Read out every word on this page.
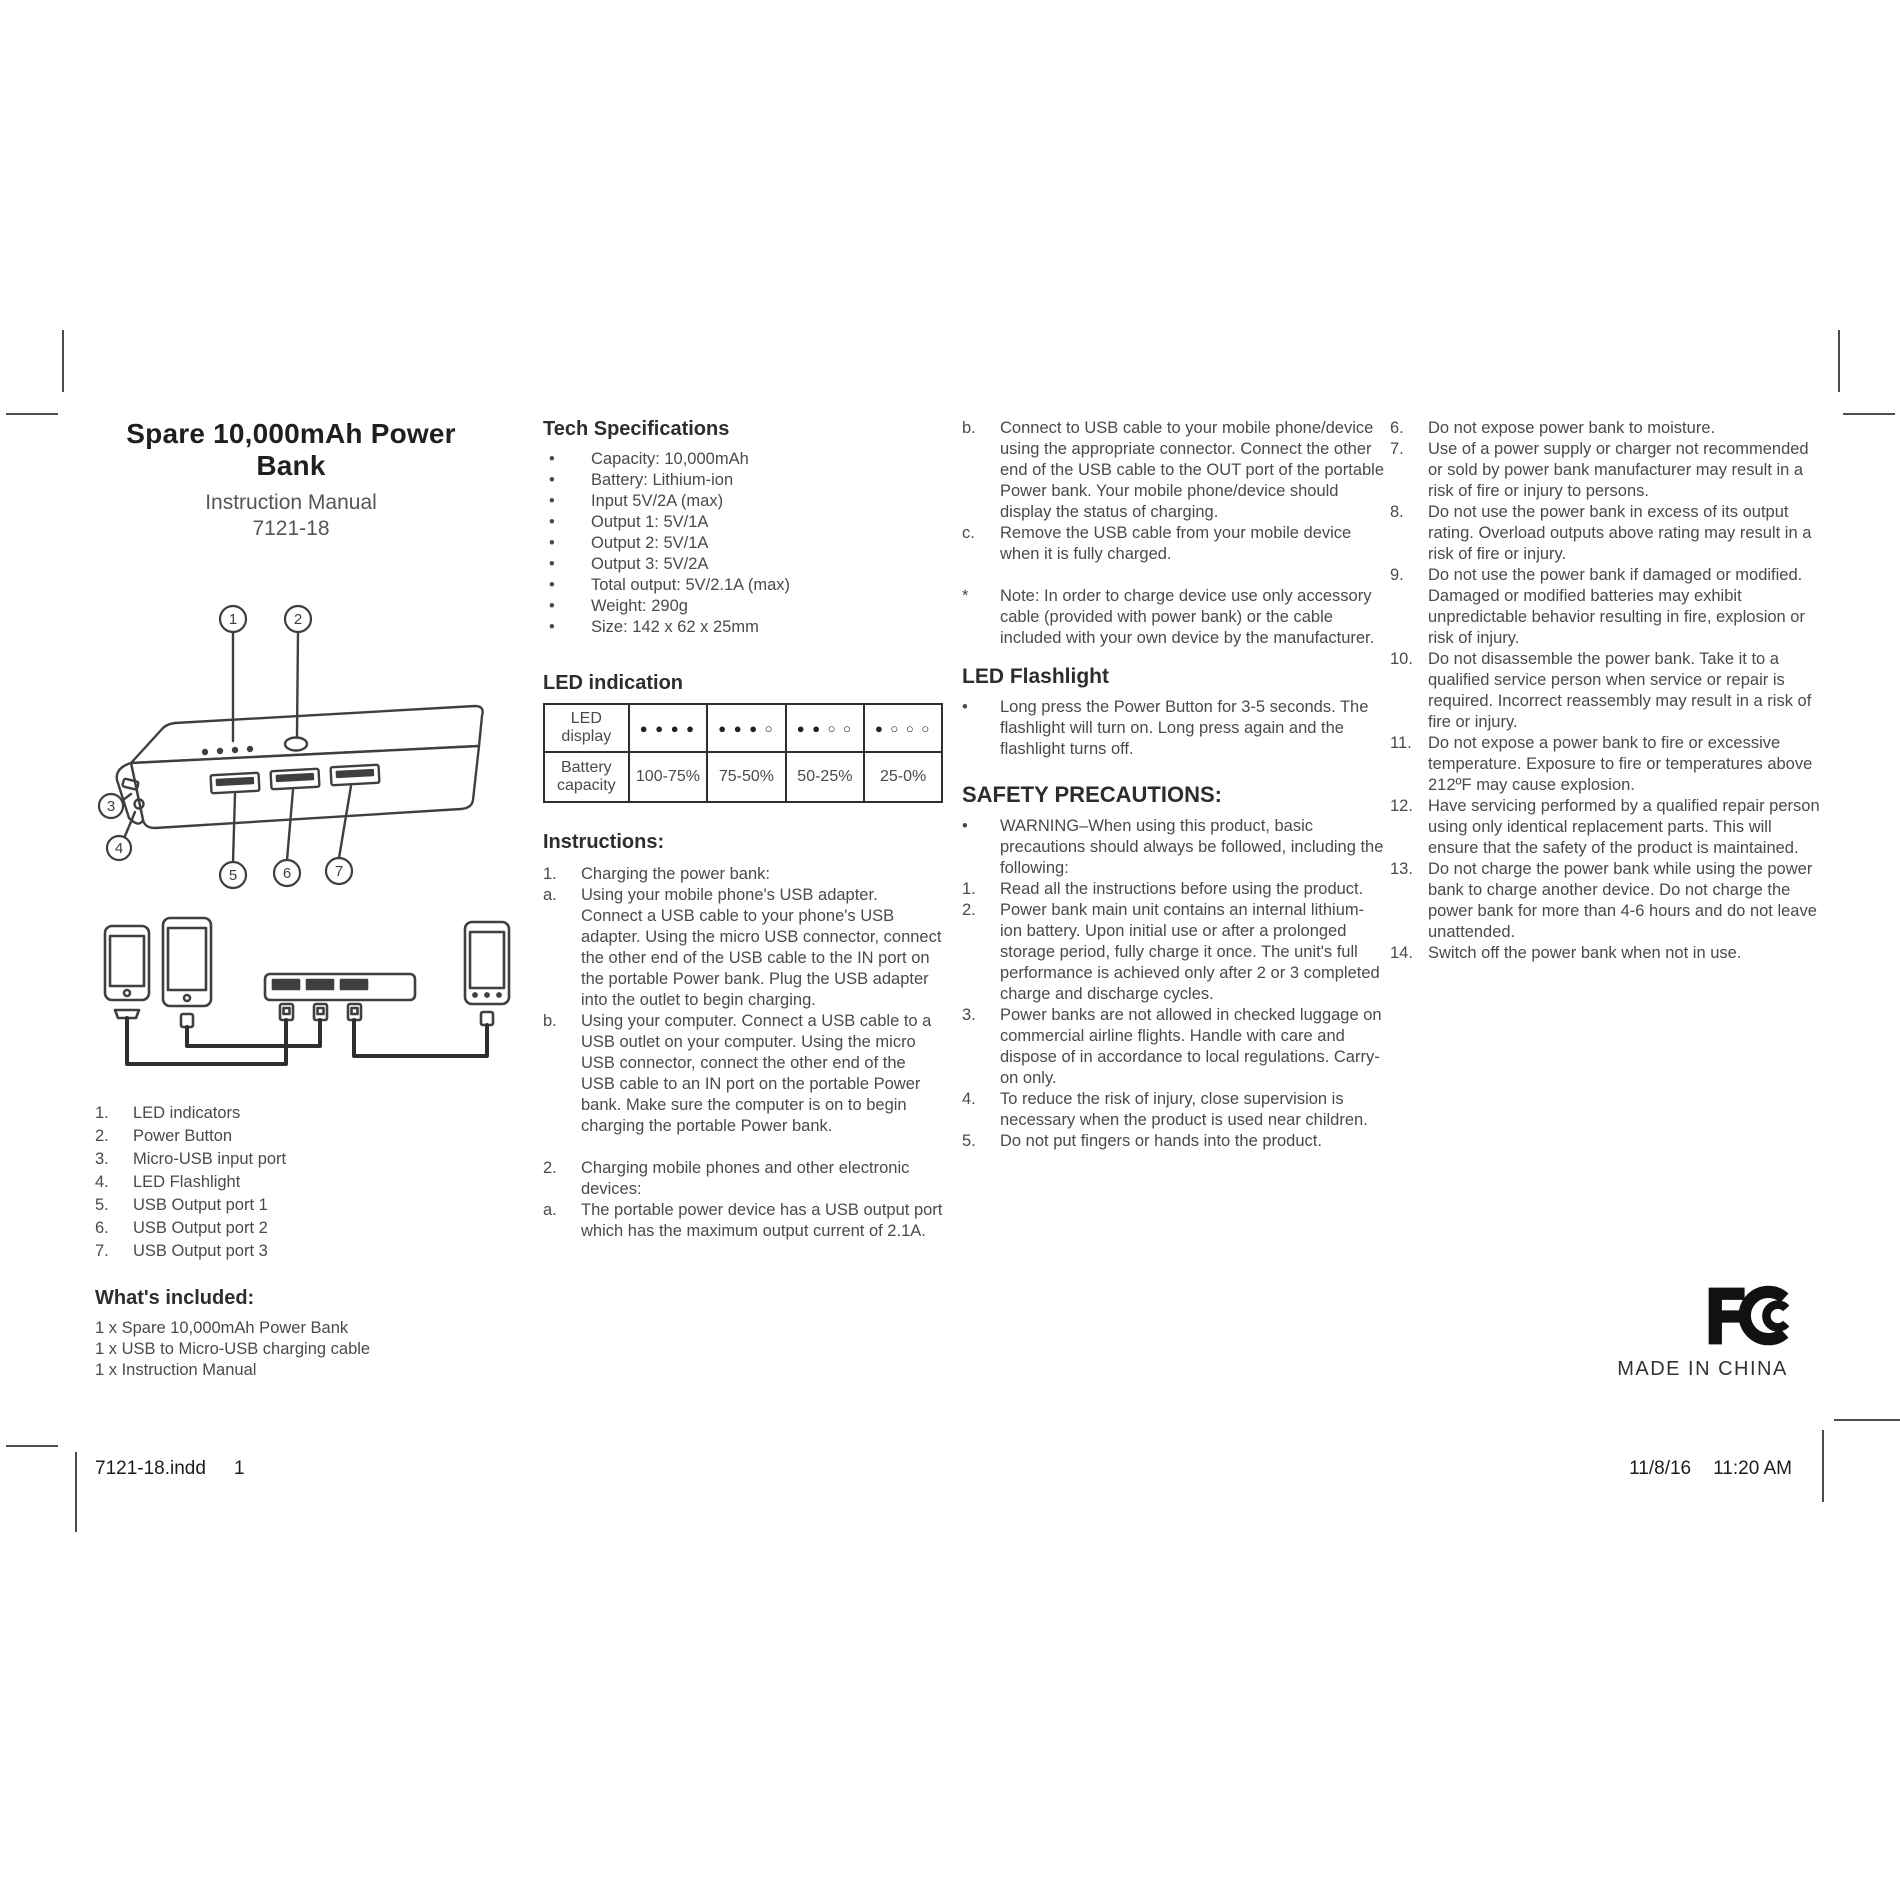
Spare 10,000mAh Power Bank
Instruction Manual
7121-18
1	2
3
4
5	6	7
1.	LED indicators
2.	Power Button
3.	Micro-USB input port
4.	LED Flashlight
5.	USB Output port 1
6.	USB Output port 2
7.	USB Output port 3
What's included:
1 x Spare 10,000mAh Power Bank
1 x USB to Micro-USB charging cable
1 x Instruction Manual
Tech Specifications
•	Capacity: 10,000mAh
•	Battery: Lithium-ion
•	Input 5V/2A (max)
•	Output 1: 5V/1A
•	Output 2: 5V/1A
•	Output 3: 5V/2A
•	Total output: 5V/2.1A (max)
•	Weight: 290g
•	Size: 142 x 62 x 25mm
LED indication
LED display	● ● ● ●	● ● ● ○	● ● ○ ○	● ○ ○ ○
Battery capacity	100-75%	75-50%	50-25%	25-0%
Instructions:
1.	Charging the power bank:
a.	Using your mobile phone's USB adapter. Connect a USB cable to your phone's USB adapter. Using the micro USB connector, connect the other end of the USB cable to the IN port on the portable Power bank. Plug the USB adapter into the outlet to begin charging.
b.	Using your computer. Connect a USB cable to a USB outlet on your computer. Using the micro USB connector, connect the other end of the USB cable to an IN port on the portable Power bank. Make sure the computer is on to begin charging the portable Power bank.
2.	Charging mobile phones and other electronic devices:
a.	The portable power device has a USB output port which has the maximum output current of 2.1A.
b.	Connect to USB cable to your mobile phone/device using the appropriate connector. Connect the other end of the USB cable to the OUT port of the portable Power bank. Your mobile phone/device should display the status of charging.
c.	Remove the USB cable from your mobile device when it is fully charged.
*	Note: In order to charge device use only accessory cable (provided with power bank) or the cable included with your own device by the manufacturer.
LED Flashlight
•	Long press the Power Button for 3-5 seconds. The flashlight will turn on. Long press again and the flashlight turns off.
SAFETY PRECAUTIONS:
•	WARNING–When using this product, basic precautions should always be followed, including the following:
1.	Read all the instructions before using the product.
2.	Power bank main unit contains an internal lithium-ion battery. Upon initial use or after a prolonged storage period, fully charge it once. The unit's full performance is achieved only after 2 or 3 completed charge and discharge cycles.
3.	Power banks are not allowed in checked luggage on commercial airline flights. Handle with care and dispose of in accordance to local regulations. Carry-on only.
4.	To reduce the risk of injury, close supervision is necessary when the product is used near children.
5.	Do not put fingers or hands into the product.
6.	Do not expose power bank to moisture.
7.	Use of a power supply or charger not recommended or sold by power bank manufacturer may result in a risk of fire or injury to persons.
8.	Do not use the power bank in excess of its output rating. Overload outputs above rating may result in a risk of fire or injury.
9.	Do not use the power bank if damaged or modified. Damaged or modified batteries may exhibit unpredictable behavior resulting in fire, explosion or risk of injury.
10. Do not disassemble the power bank. Take it to a qualified service person when service or repair is required. Incorrect reassembly may result in a risk of fire or injury.
11. Do not expose a power bank to fire or excessive temperature. Exposure to fire or temperatures above 212ºF may cause explosion.
12. Have servicing performed by a qualified repair person using only identical replacement parts. This will ensure that the safety of the product is maintained.
13. Do not charge the power bank while using the power bank to charge another device. Do not charge the power bank for more than 4-6 hours and do not leave unattended.
14. Switch off the power bank when not in use.
MADE IN CHINA
7121-18.indd 1	11/8/16 11:20 AM
